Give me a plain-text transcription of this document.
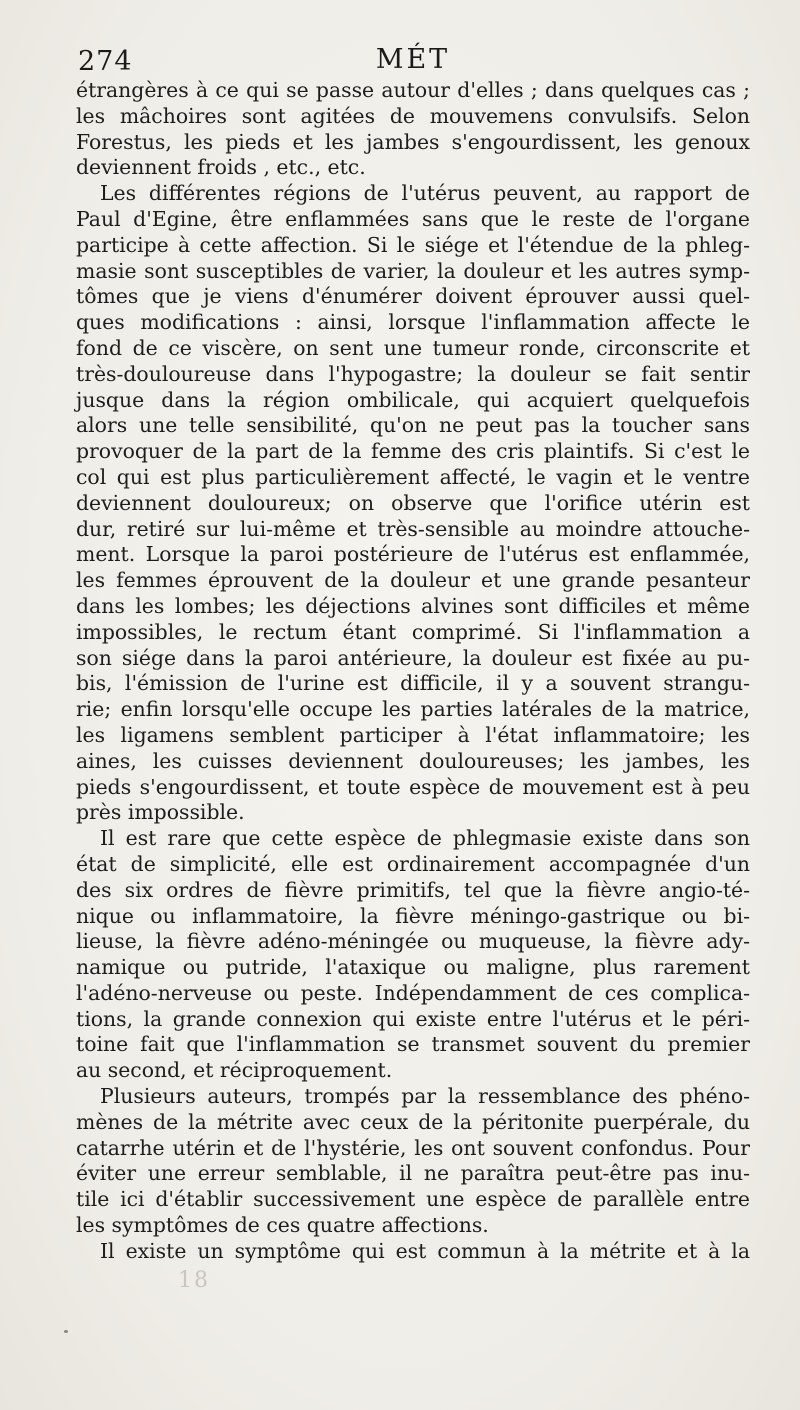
274	MÉT
étrangères à ce qui se passe autour d'elles ; dans quelques cas ;
les mâchoires sont agitées de mouvemens convulsifs. Selon
Forestus, les pieds et les jambes s'engourdissent, les genoux
deviennent froids , etc., etc.
Les différentes régions de l'utérus peuvent, au rapport de
Paul d'Egine, être enflammées sans que le reste de l'organe
participe à cette affection. Si le siége et l'étendue de la phleg-
masie sont susceptibles de varier, la douleur et les autres symp-
tômes que je viens d'énumérer doivent éprouver aussi quel-
ques modifications : ainsi, lorsque l'inflammation affecte le
fond de ce viscère, on sent une tumeur ronde, circonscrite et
très-douloureuse dans l'hypogastre; la douleur se fait sentir
jusque dans la région ombilicale, qui acquiert quelquefois
alors une telle sensibilité, qu'on ne peut pas la toucher sans
provoquer de la part de la femme des cris plaintifs. Si c'est le
col qui est plus particulièrement affecté, le vagin et le ventre
deviennent douloureux; on observe que l'orifice utérin est
dur, retiré sur lui-même et très-sensible au moindre attouche-
ment. Lorsque la paroi postérieure de l'utérus est enflammée,
les femmes éprouvent de la douleur et une grande pesanteur
dans les lombes; les déjections alvines sont difficiles et même
impossibles, le rectum étant comprimé. Si l'inflammation a
son siége dans la paroi antérieure, la douleur est fixée au pu-
bis, l'émission de l'urine est difficile, il y a souvent strangu-
rie; enfin lorsqu'elle occupe les parties latérales de la matrice,
les ligamens semblent participer à l'état inflammatoire; les
aines, les cuisses deviennent douloureuses; les jambes, les
pieds s'engourdissent, et toute espèce de mouvement est à peu
près impossible.
Il est rare que cette espèce de phlegmasie existe dans son
état de simplicité, elle est ordinairement accompagnée d'un
des six ordres de fièvre primitifs, tel que la fièvre angio-té-
nique ou inflammatoire, la fièvre méningo-gastrique ou bi-
lieuse, la fièvre adéno-méningée ou muqueuse, la fièvre ady-
namique ou putride, l'ataxique ou maligne, plus rarement
l'adéno-nerveuse ou peste. Indépendamment de ces complica-
tions, la grande connexion qui existe entre l'utérus et le péri-
toine fait que l'inflammation se transmet souvent du premier
au second, et réciproquement.
Plusieurs auteurs, trompés par la ressemblance des phéno-
mènes de la métrite avec ceux de la péritonite puerpérale, du
catarrhe utérin et de l'hystérie, les ont souvent confondus. Pour
éviter une erreur semblable, il ne paraîtra peut-être pas inu-
tile ici d'établir successivement une espèce de parallèle entre
les symptômes de ces quatre affections.
Il existe un symptôme qui est commun à la métrite et à la
18
